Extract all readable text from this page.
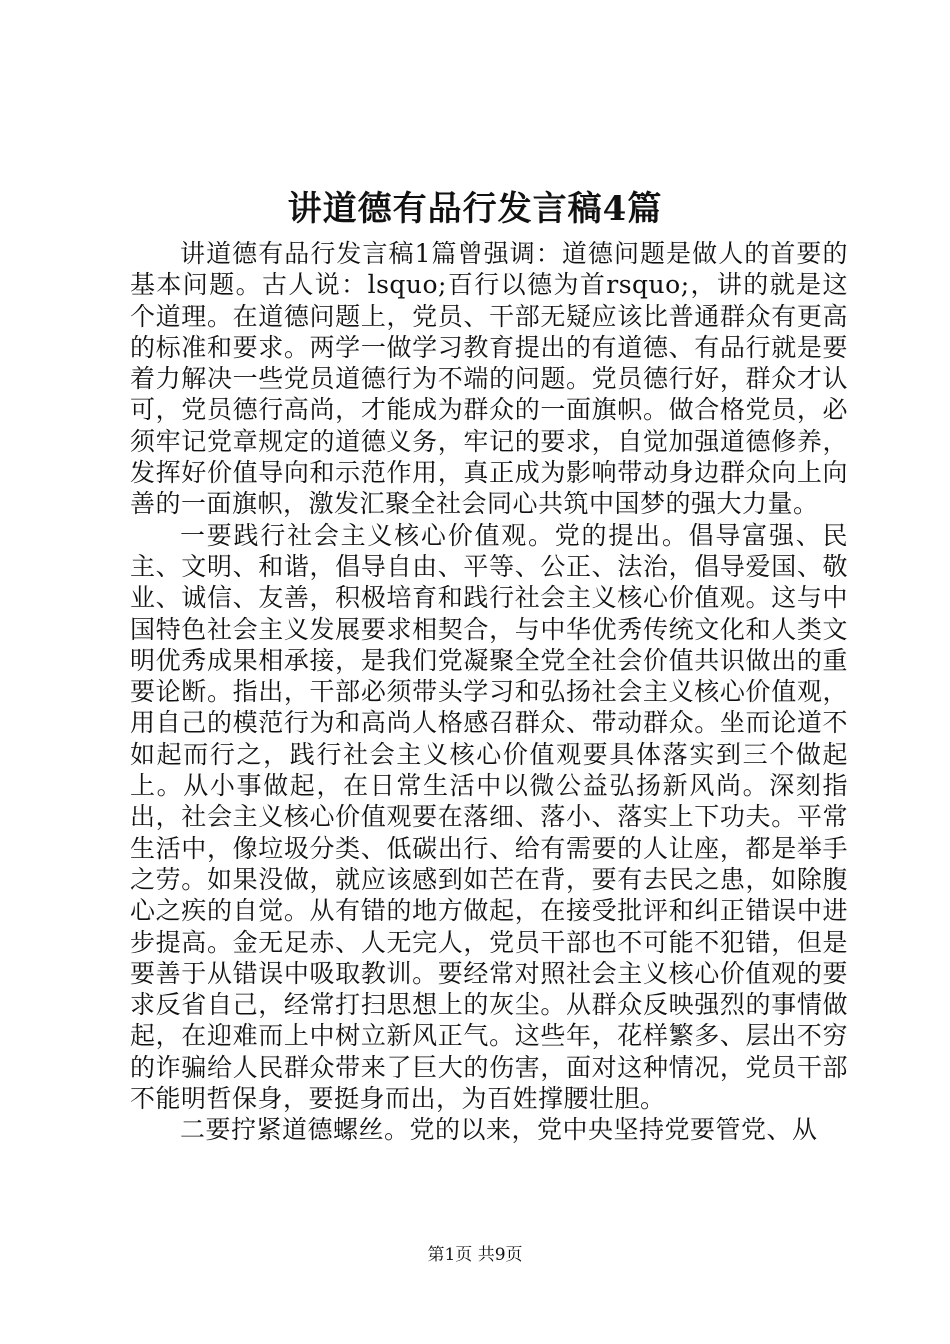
讲道德有品行发言稿4篇

讲道德有品行发言稿1篇曾强调：道德问题是做人的首要的基本问题。古人说：lsquo;百行以德为首rsquo;，讲的就是这个道理。在道德问题上，党员、干部无疑应该比普通群众有更高的标准和要求。两学一做学习教育提出的有道德、有品行就是要着力解决一些党员道德行为不端的问题。党员德行好，群众才认可，党员德行高尚，才能成为群众的一面旗帜。做合格党员，必须牢记党章规定的道德义务，牢记的要求，自觉加强道德修养，发挥好价值导向和示范作用，真正成为影响带动身边群众向上向善的一面旗帜，激发汇聚全社会同心共筑中国梦的强大力量。

一要践行社会主义核心价值观。党的提出。倡导富强、民主、文明、和谐，倡导自由、平等、公正、法治，倡导爱国、敬业、诚信、友善，积极培育和践行社会主义核心价值观。这与中国特色社会主义发展要求相契合，与中华优秀传统文化和人类文明优秀成果相承接，是我们党凝聚全党全社会价值共识做出的重要论断。指出，干部必须带头学习和弘扬社会主义核心价值观，用自己的模范行为和高尚人格感召群众、带动群众。坐而论道不如起而行之，践行社会主义核心价值观要具体落实到三个做起上。从小事做起，在日常生活中以微公益弘扬新风尚。深刻指出，社会主义核心价值观要在落细、落小、落实上下功夫。平常生活中，像垃圾分类、低碳出行、给有需要的人让座，都是举手之劳。如果没做，就应该感到如芒在背，要有去民之患，如除腹心之疾的自觉。从有错的地方做起，在接受批评和纠正错误中进步提高。金无足赤、人无完人，党员干部也不可能不犯错，但是要善于从错误中吸取教训。要经常对照社会主义核心价值观的要求反省自己，经常打扫思想上的灰尘。从群众反映强烈的事情做起，在迎难而上中树立新风正气。这些年，花样繁多、层出不穷的诈骗给人民群众带来了巨大的伤害，面对这种情况，党员干部不能明哲保身，要挺身而出，为百姓撑腰壮胆。

二要拧紧道德螺丝。党的以来，党中央坚持党要管党、从

第1页 共9页
